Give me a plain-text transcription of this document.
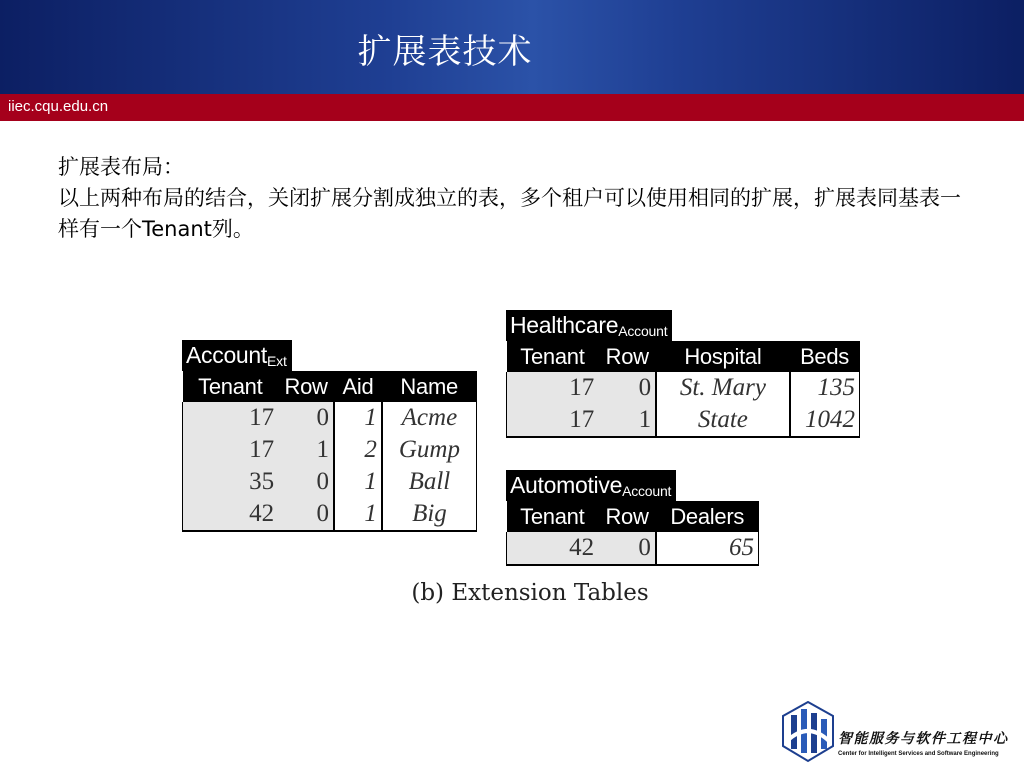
扩展表技术
iiec.cqu.edu.cn

扩展表布局：

以上两种布局的结合，关闭扩展分割成独立的表，多个租户可以使用相同的扩展，扩展表同基表一样有一个Tenant列。

Account$_{Ext}$
Tenant	Row	Aid	Name
17	0	1	Acme
17	1	2	Gump
35	0	1	Ball
42	0	1	Big
Healthcare$_{Account}$
Tenant	Row	Hospital	Beds
17	0	St. Mary	135
17	1	State	1042
Automotive$_{Account}$
Tenant	Row	Dealers
42	0	65
(b) Extension Tables
智能服务与软件工程中心
Center for Intelligent Services and Software Engineering
